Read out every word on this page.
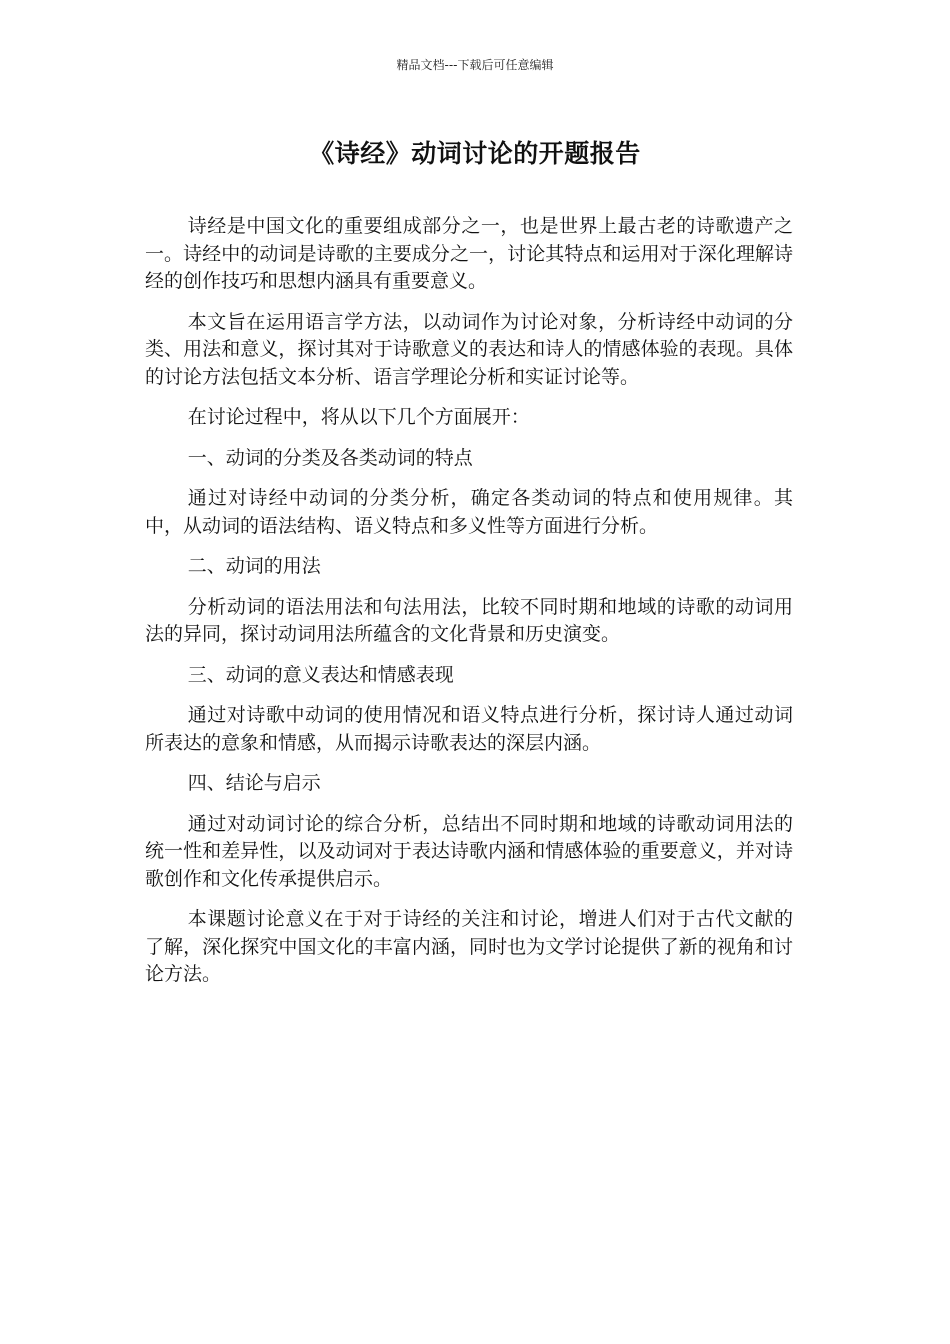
精品文档---下载后可任意编辑
《诗经》动词讨论的开题报告

诗经是中国文化的重要组成部分之一，也是世界上最古老的诗歌遗产之一。诗经中的动词是诗歌的主要成分之一，讨论其特点和运用对于深化理解诗经的创作技巧和思想内涵具有重要意义。

本文旨在运用语言学方法，以动词作为讨论对象，分析诗经中动词的分类、用法和意义，探讨其对于诗歌意义的表达和诗人的情感体验的表现。具体的讨论方法包括文本分析、语言学理论分析和实证讨论等。

在讨论过程中，将从以下几个方面展开：

一、动词的分类及各类动词的特点

通过对诗经中动词的分类分析，确定各类动词的特点和使用规律。其中，从动词的语法结构、语义特点和多义性等方面进行分析。

二、动词的用法

分析动词的语法用法和句法用法，比较不同时期和地域的诗歌的动词用法的异同，探讨动词用法所蕴含的文化背景和历史演变。

三、动词的意义表达和情感表现

通过对诗歌中动词的使用情况和语义特点进行分析，探讨诗人通过动词所表达的意象和情感，从而揭示诗歌表达的深层内涵。

四、结论与启示

通过对动词讨论的综合分析，总结出不同时期和地域的诗歌动词用法的统一性和差异性，以及动词对于表达诗歌内涵和情感体验的重要意义，并对诗歌创作和文化传承提供启示。

本课题讨论意义在于对于诗经的关注和讨论，增进人们对于古代文献的了解，深化探究中国文化的丰富内涵，同时也为文学讨论提供了新的视角和讨论方法。
